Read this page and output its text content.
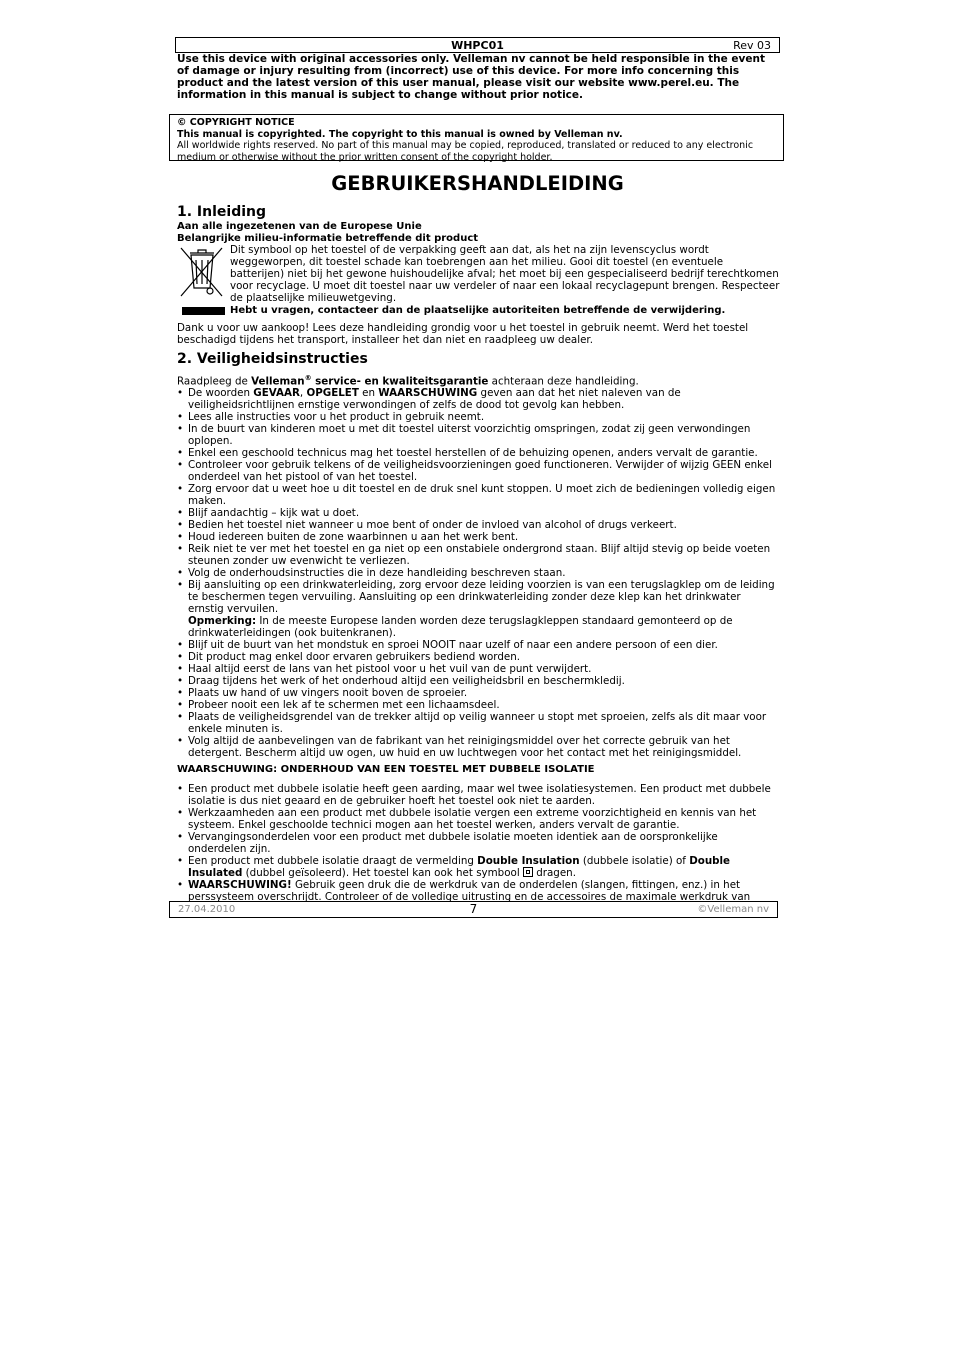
WHPC01	Rev 03
Use this device with original accessories only. Velleman nv cannot be held responsible in the event of damage or injury resulting from (incorrect) use of this device. For more info concerning this product and the latest version of this user manual, please visit our website www.perel.eu. The information in this manual is subject to change without prior notice.
© COPYRIGHT NOTICE
This manual is copyrighted. The copyright to this manual is owned by Velleman nv.
All worldwide rights reserved. No part of this manual may be copied, reproduced, translated or reduced to any electronic medium or otherwise without the prior written consent of the copyright holder.
GEBRUIKERSHANDLEIDING
1. Inleiding
Aan alle ingezetenen van de Europese Unie
Belangrijke milieu-informatie betreffende dit product
Dit symbool op het toestel of de verpakking geeft aan dat, als het na zijn levenscyclus wordt weggeworpen, dit toestel schade kan toebrengen aan het milieu. Gooi dit toestel (en eventuele batterijen) niet bij het gewone huishoudelijke afval; het moet bij een gespecialiseerd bedrijf terechtkomen voor recyclage. U moet dit toestel naar uw verdeler of naar een lokaal recyclagepunt brengen. Respecteer de plaatselijke milieuwetgeving.
Hebt u vragen, contacteer dan de plaatselijke autoriteiten betreffende de verwijdering.
Dank u voor uw aankoop! Lees deze handleiding grondig voor u het toestel in gebruik neemt. Werd het toestel beschadigd tijdens het transport, installeer het dan niet en raadpleeg uw dealer.
2. Veiligheidsinstructies
Raadpleeg de Velleman® service- en kwaliteitsgarantie achteraan deze handleiding.
• De woorden GEVAAR, OPGELET en WAARSCHUWING geven aan dat het niet naleven van de veiligheidsrichtlijnen ernstige verwondingen of zelfs de dood tot gevolg kan hebben.
• Lees alle instructies voor u het product in gebruik neemt.
• In de buurt van kinderen moet u met dit toestel uiterst voorzichtig omspringen, zodat zij geen verwondingen oplopen.
• Enkel een geschoold technicus mag het toestel herstellen of de behuizing openen, anders vervalt de garantie.
• Controleer voor gebruik telkens of de veiligheidsvoorzieningen goed functioneren. Verwijder of wijzig GEEN enkel onderdeel van het pistool of van het toestel.
• Zorg ervoor dat u weet hoe u dit toestel en de druk snel kunt stoppen. U moet zich de bedieningen volledig eigen maken.
• Blijf aandachtig – kijk wat u doet.
• Bedien het toestel niet wanneer u moe bent of onder de invloed van alcohol of drugs verkeert.
• Houd iedereen buiten de zone waarbinnen u aan het werk bent.
• Reik niet te ver met het toestel en ga niet op een onstabiele ondergrond staan. Blijf altijd stevig op beide voeten steunen zonder uw evenwicht te verliezen.
• Volg de onderhoudsinstructies die in deze handleiding beschreven staan.
• Bij aansluiting op een drinkwaterleiding, zorg ervoor deze leiding voorzien is van een terugslagklep om de leiding te beschermen tegen vervuiling. Aansluiting op een drinkwaterleiding zonder deze klep kan het drinkwater ernstig vervuilen.
Opmerking: In de meeste Europese landen worden deze terugslagkleppen standaard gemonteerd op de drinkwaterleidingen (ook buitenkranen).
• Blijf uit de buurt van het mondstuk en sproei NOOIT naar uzelf of naar een andere persoon of een dier.
• Dit product mag enkel door ervaren gebruikers bediend worden.
• Haal altijd eerst de lans van het pistool voor u het vuil van de punt verwijdert.
• Draag tijdens het werk of het onderhoud altijd een veiligheidsbril en beschermkledij.
• Plaats uw hand of uw vingers nooit boven de sproeier.
• Probeer nooit een lek af te schermen met een lichaamsdeel.
• Plaats de veiligheidsgrendel van de trekker altijd op veilig wanneer u stopt met sproeien, zelfs als dit maar voor enkele minuten is.
• Volg altijd de aanbevelingen van de fabrikant van het reinigingsmiddel over het correcte gebruik van het detergent. Bescherm altijd uw ogen, uw huid en uw luchtwegen voor het contact met het reinigingsmiddel.
WAARSCHUWING: ONDERHOUD VAN EEN TOESTEL MET DUBBELE ISOLATIE
• Een product met dubbele isolatie heeft geen aarding, maar wel twee isolatiesystemen. Een product met dubbele isolatie is dus niet geaard en de gebruiker hoeft het toestel ook niet te aarden.
• Werkzaamheden aan een product met dubbele isolatie vergen een extreme voorzichtigheid en kennis van het systeem. Enkel geschoolde technici mogen aan het toestel werken, anders vervalt de garantie.
• Vervangingsonderdelen voor een product met dubbele isolatie moeten identiek aan de oorspronkelijke onderdelen zijn.
• Een product met dubbele isolatie draagt de vermelding Double Insulation (dubbele isolatie) of Double Insulated (dubbel geïsoleerd). Het toestel kan ook het symbool  dragen.
• WAARSCHUWING! Gebruik geen druk die de werkdruk van de onderdelen (slangen, fittingen, enz.) in het perssysteem overschrijdt. Controleer of de volledige uitrusting en de accessoires de maximale werkdruk van
27.04.2010	7	©Velleman nv
